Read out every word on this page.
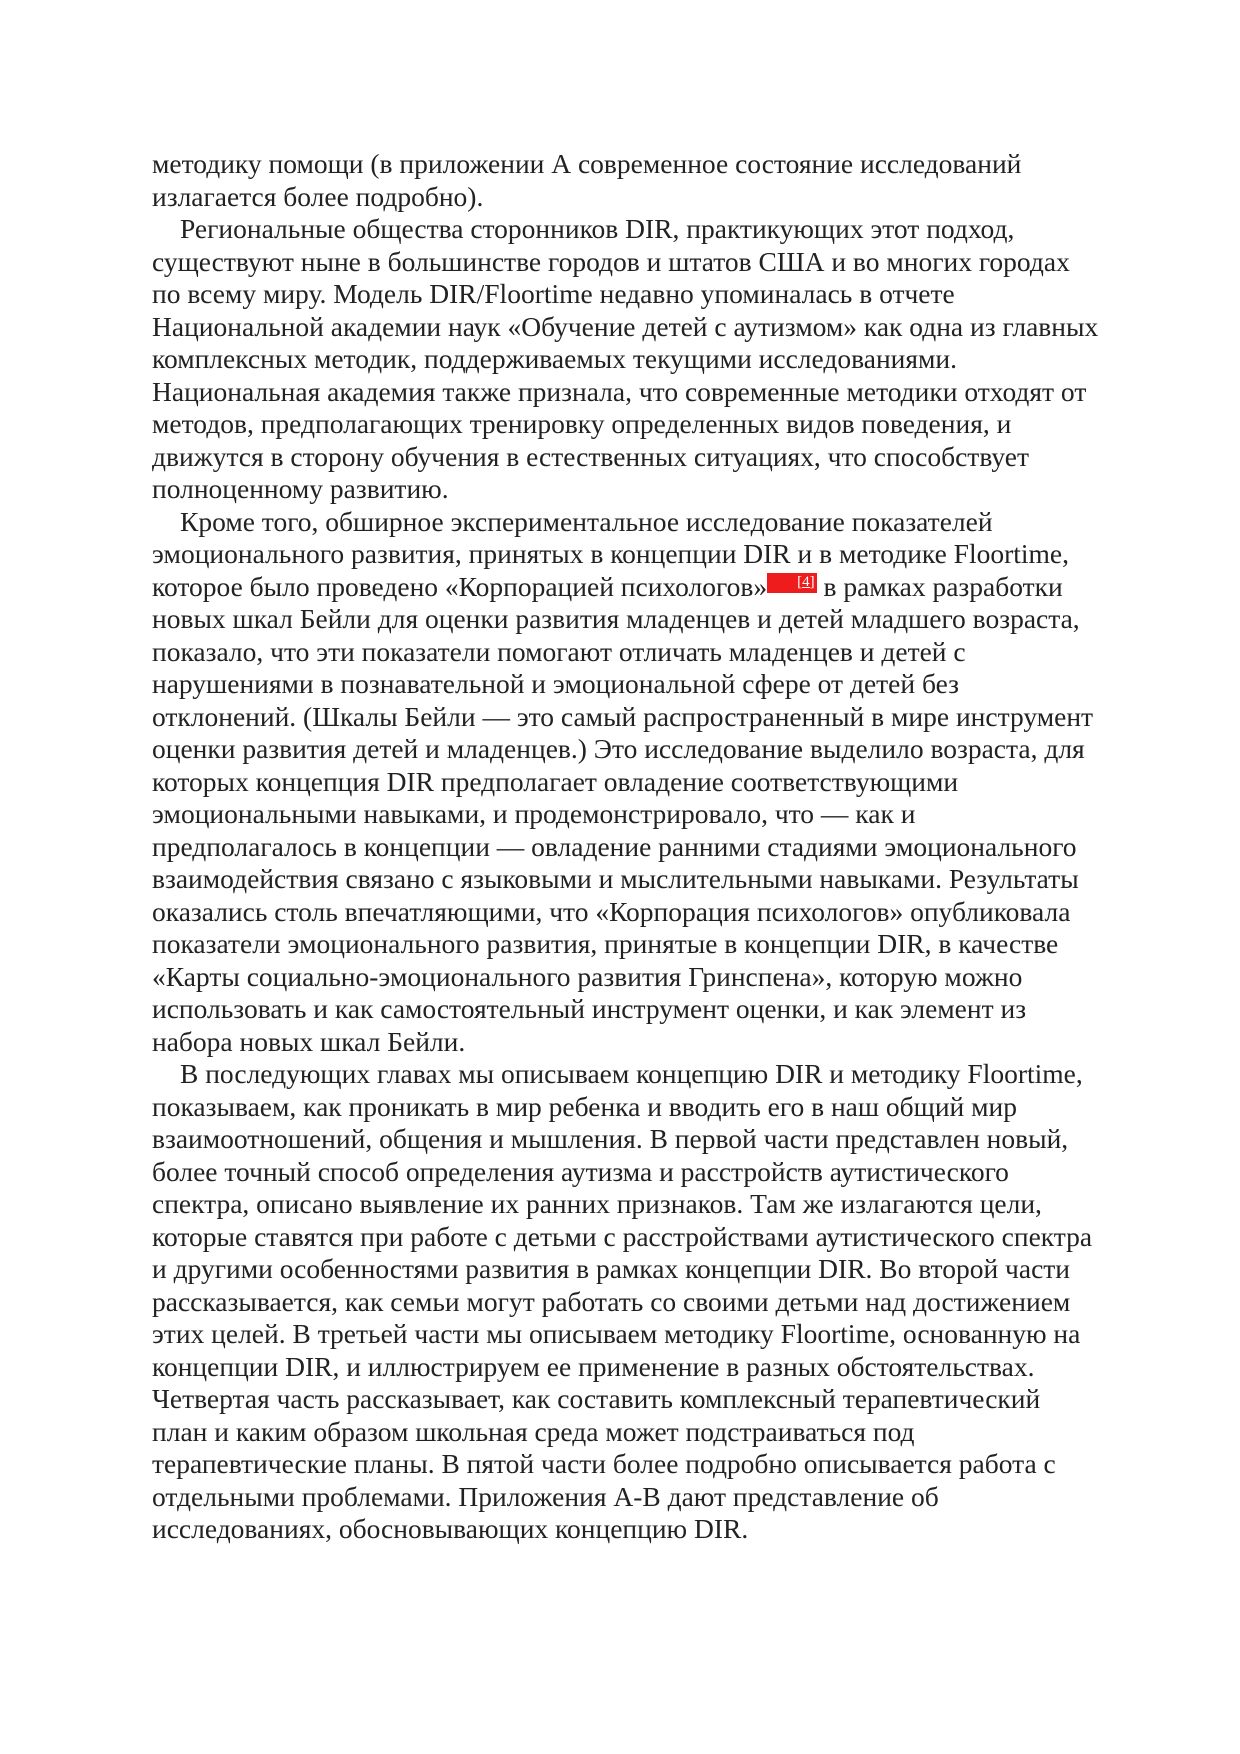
методику помощи (в приложении А современное состояние исследований излагается более подробно).

Региональные общества сторонников DIR, практикующих этот подход, существуют ныне в большинстве городов и штатов США и во многих городах по всему миру. Модель DIR/Floortime недавно упоминалась в отчете Национальной академии наук «Обучение детей с аутизмом» как одна из главных комплексных методик, поддерживаемых текущими исследованиями. Национальная академия также признала, что современные методики отходят от методов, предполагающих тренировку определенных видов поведения, и движутся в сторону обучения в естественных ситуациях, что способствует полноценному развитию.

Кроме того, обширное экспериментальное исследование показателей эмоционального развития, принятых в концепции DIR и в методике Floortime, которое было проведено «Корпорацией психологов» [4] в рамках разработки новых шкал Бейли для оценки развития младенцев и детей младшего возраста, показало, что эти показатели помогают отличать младенцев и детей с нарушениями в познавательной и эмоциональной сфере от детей без отклонений. (Шкалы Бейли — это самый распространенный в мире инструмент оценки развития детей и младенцев.) Это исследование выделило возраста, для которых концепция DIR предполагает овладение соответствующими эмоциональными навыками, и продемонстрировало, что — как и предполагалось в концепции — овладение ранними стадиями эмоционального взаимодействия связано с языковыми и мыслительными навыками. Результаты оказались столь впечатляющими, что «Корпорация психологов» опубликовала показатели эмоционального развития, принятые в концепции DIR, в качестве «Карты социально-эмоционального развития Гринспена», которую можно использовать и как самостоятельный инструмент оценки, и как элемент из набора новых шкал Бейли.

В последующих главах мы описываем концепцию DIR и методику Floortime, показываем, как проникать в мир ребенка и вводить его в наш общий мир взаимоотношений, общения и мышления. В первой части представлен новый, более точный способ определения аутизма и расстройств аутистического спектра, описано выявление их ранних признаков. Там же излагаются цели, которые ставятся при работе с детьми с расстройствами аутистического спектра и другими особенностями развития в рамках концепции DIR. Во второй части рассказывается, как семьи могут работать со своими детьми над достижением этих целей. В третьей части мы описываем методику Floortime, основанную на концепции DIR, и иллюстрируем ее применение в разных обстоятельствах. Четвертая часть рассказывает, как составить комплексный терапевтический план и каким образом школьная среда может подстраиваться под терапевтические планы. В пятой части более подробно описывается работа с отдельными проблемами. Приложения А-В дают представление об исследованиях, обосновывающих концепцию DIR.
